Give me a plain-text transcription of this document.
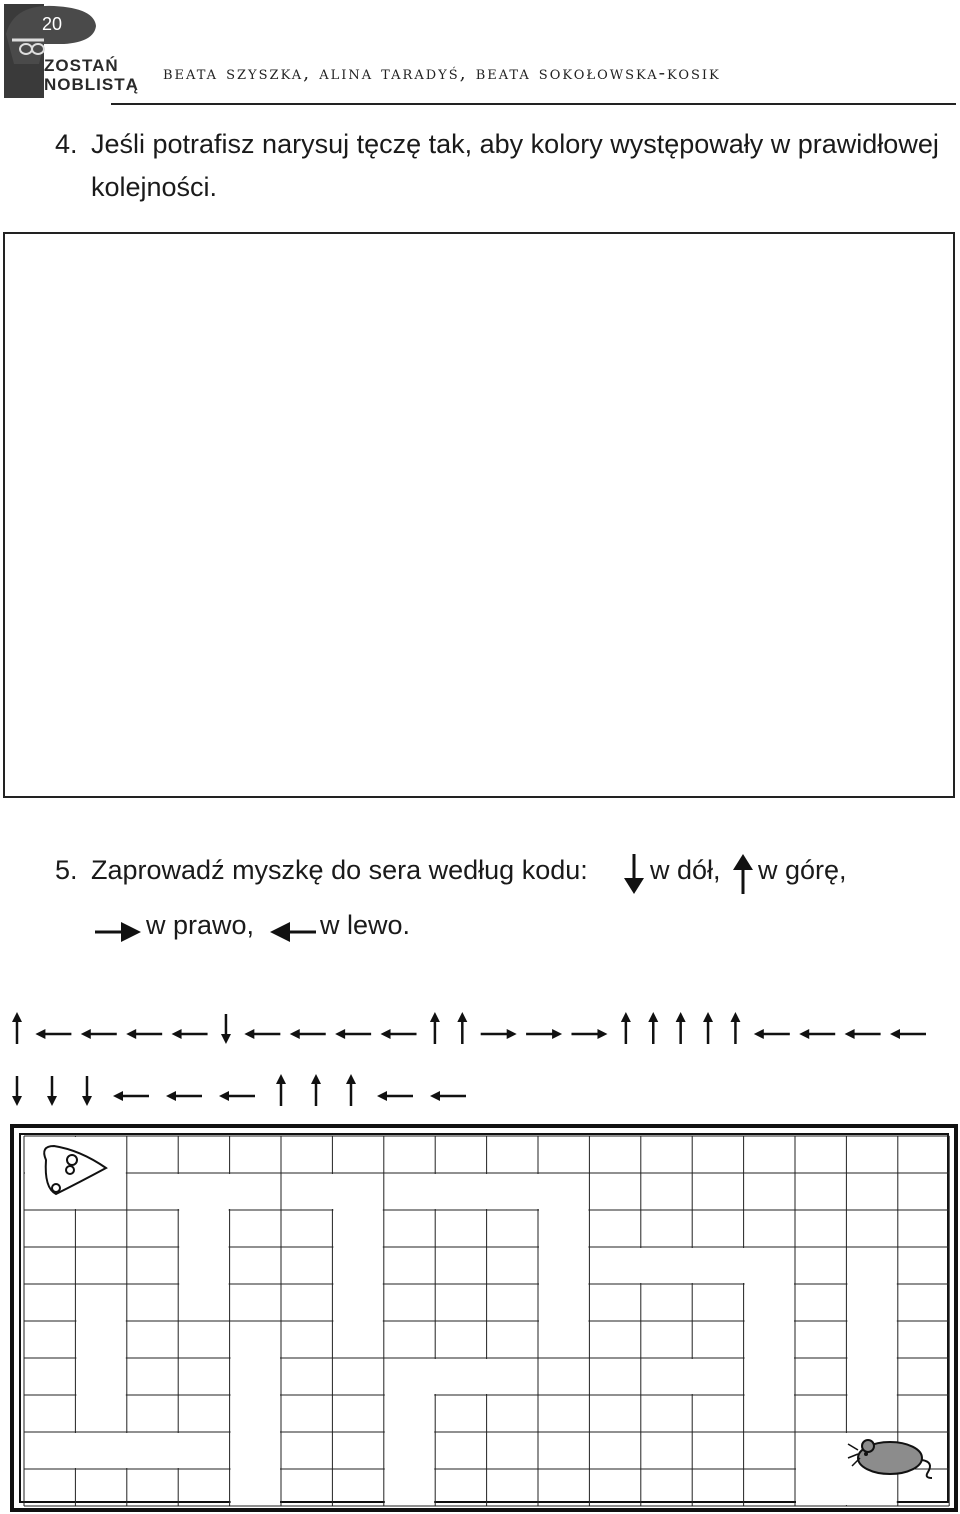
20
ZOSTAŃ
NOBLISTĄ
beata szyszka, alina taradyś, beata sokołowska-kosik
4. Jeśli potrafisz narysuj tęczę tak, aby kolory występowały w prawidłowej
kolejności.
5. Zaprowadź myszkę do sera według kodu: w dół, w górę,
w prawo, w lewo.
